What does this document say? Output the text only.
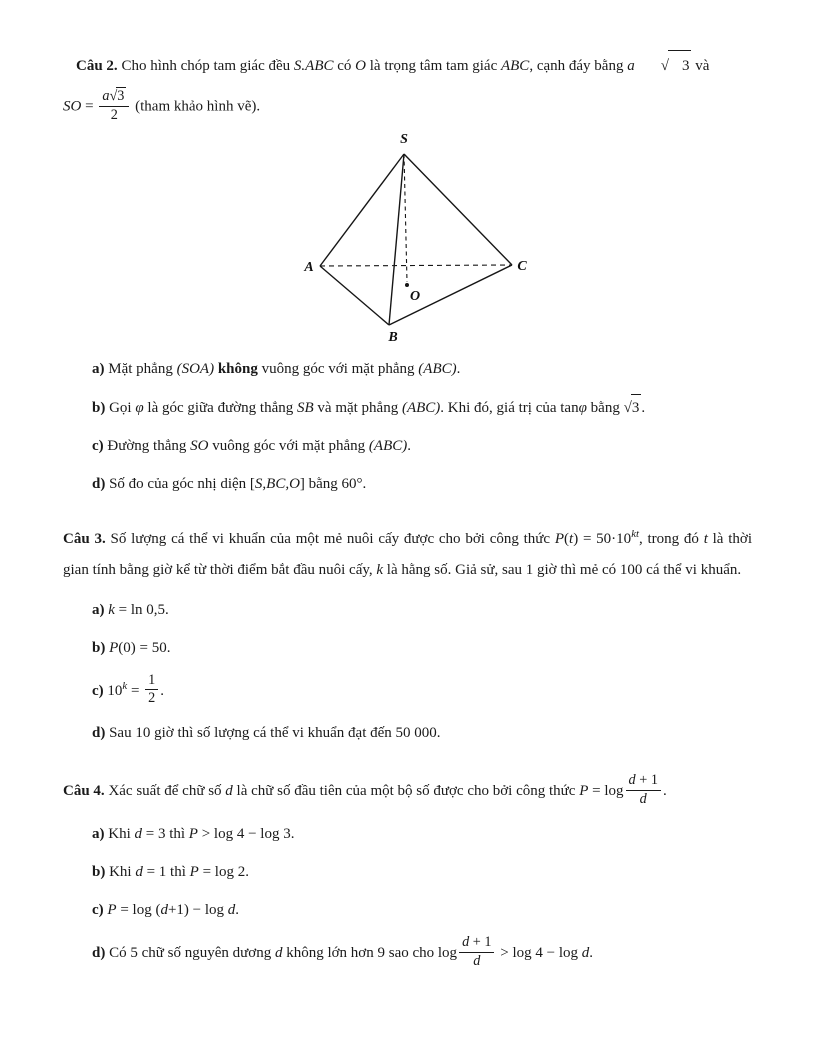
Câu 2. Cho hình chóp tam giác đều S.ABC có O là trọng tâm tam giác ABC, cạnh đáy bằng a √ 3 và

SO = $\frac{a√3}{2}$ (tham khảo hình vẽ).

S
A	C
B
O

a) Mặt phẳng (SOA) không vuông góc với mặt phẳng (ABC).

b) Gọi φ là góc giữa đường thẳng SB và mặt phẳng (ABC). Khi đó, giá trị của tanφ bằng √3 .

c) Đường thẳng SO vuông góc với mặt phẳng (ABC).

d) Số đo của góc nhị diện [S,BC,O] bằng 60°.

Câu 3. Số lượng cá thể vi khuẩn của một mẻ nuôi cấy được cho bởi công thức $P(t) = 50\cdot 10^{kt}$, trong đó t là thời gian tính bằng giờ kể từ thời điểm bắt đầu nuôi cấy, k là hằng số. Giả sử, sau 1 giờ thì mẻ có 100 cá thể vi khuẩn.

a) k = ln 0,5.

b) P(0) = 50.

c) $10^k = \frac{1}{2}$ .

d) Sau 10 giờ thì số lượng cá thể vi khuẩn đạt đến 50 000.

Câu 4. Xác suất để chữ số d là chữ số đầu tiên của một bộ số được cho bởi công thức $P = \log \frac{d + 1}{d}$ .

a) Khi d = 3 thì P > log 4 − log 3.

b) Khi d = 1 thì P = log 2.

c) P = log (d+1) − log d.

d) Có 5 chữ số nguyên dương d không lớn hơn 9 sao cho $\log \frac{d + 1}{d} > \log 4 - \log d$.
